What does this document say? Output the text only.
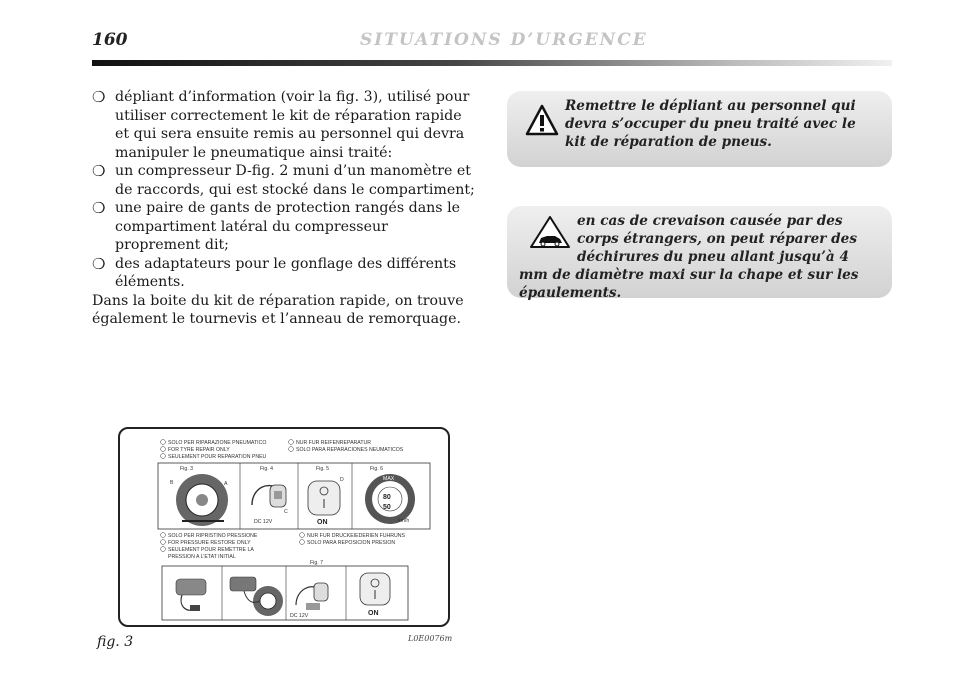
160	SITUATIONS D’URGENCE
❍ dépliant d’information (voir la fig. 3), utilisé pour utiliser correctement le kit de réparation rapide et qui sera ensuite remis au personnel qui devra manipuler le pneumatique ainsi traité:
❍ un compresseur D-fig. 2 muni d’un manomètre et de raccords, qui est stocké dans le compartiment;
❍ une paire de gants de protection rangés dans le compartiment latéral du compresseur proprement dit;
❍ des adaptateurs pour le gonflage des différents éléments.

Dans la boite du kit de réparation rapide, on trouve également le tournevis et l’anneau de remorquage.

Remettre le dépliant au personnel qui devra s’occuper du pneu traité avec le kit de réparation de pneus.
en cas de crevaison causée par des corps étrangers, on peut réparer des déchirures du pneu allant jusqu’à 4 mm de diamètre maxi sur la chape et sur les épaulements.
SOLO PER RIPARAZIONE PNEUMATICO
FOR TYRE REPAIR ONLY
SEULEMENT POUR REPARATION PNEU
NUR FUR REIFENREPARATUR
SOLO PARA REPARACIONES NEUMATICOS
Fig. 3	Fig. 4	Fig. 5	Fig. 6
B	A
C
DC 12V
D
ON
MAX
80
50
km/h
SOLO PER RIPRISTINO PRESSIONE
FOR PRESSURE RESTORE ONLY
SEULEMENT POUR REMETTRE LA
PRESSION A L’ETAT INITIAL
NUR FUR DRUCKEIEDERIEN FUHRUNS
SOLO PARA REPOSICION PRESION
Fig. 7
DC 12V	ON
fig. 3	L0E0076m
